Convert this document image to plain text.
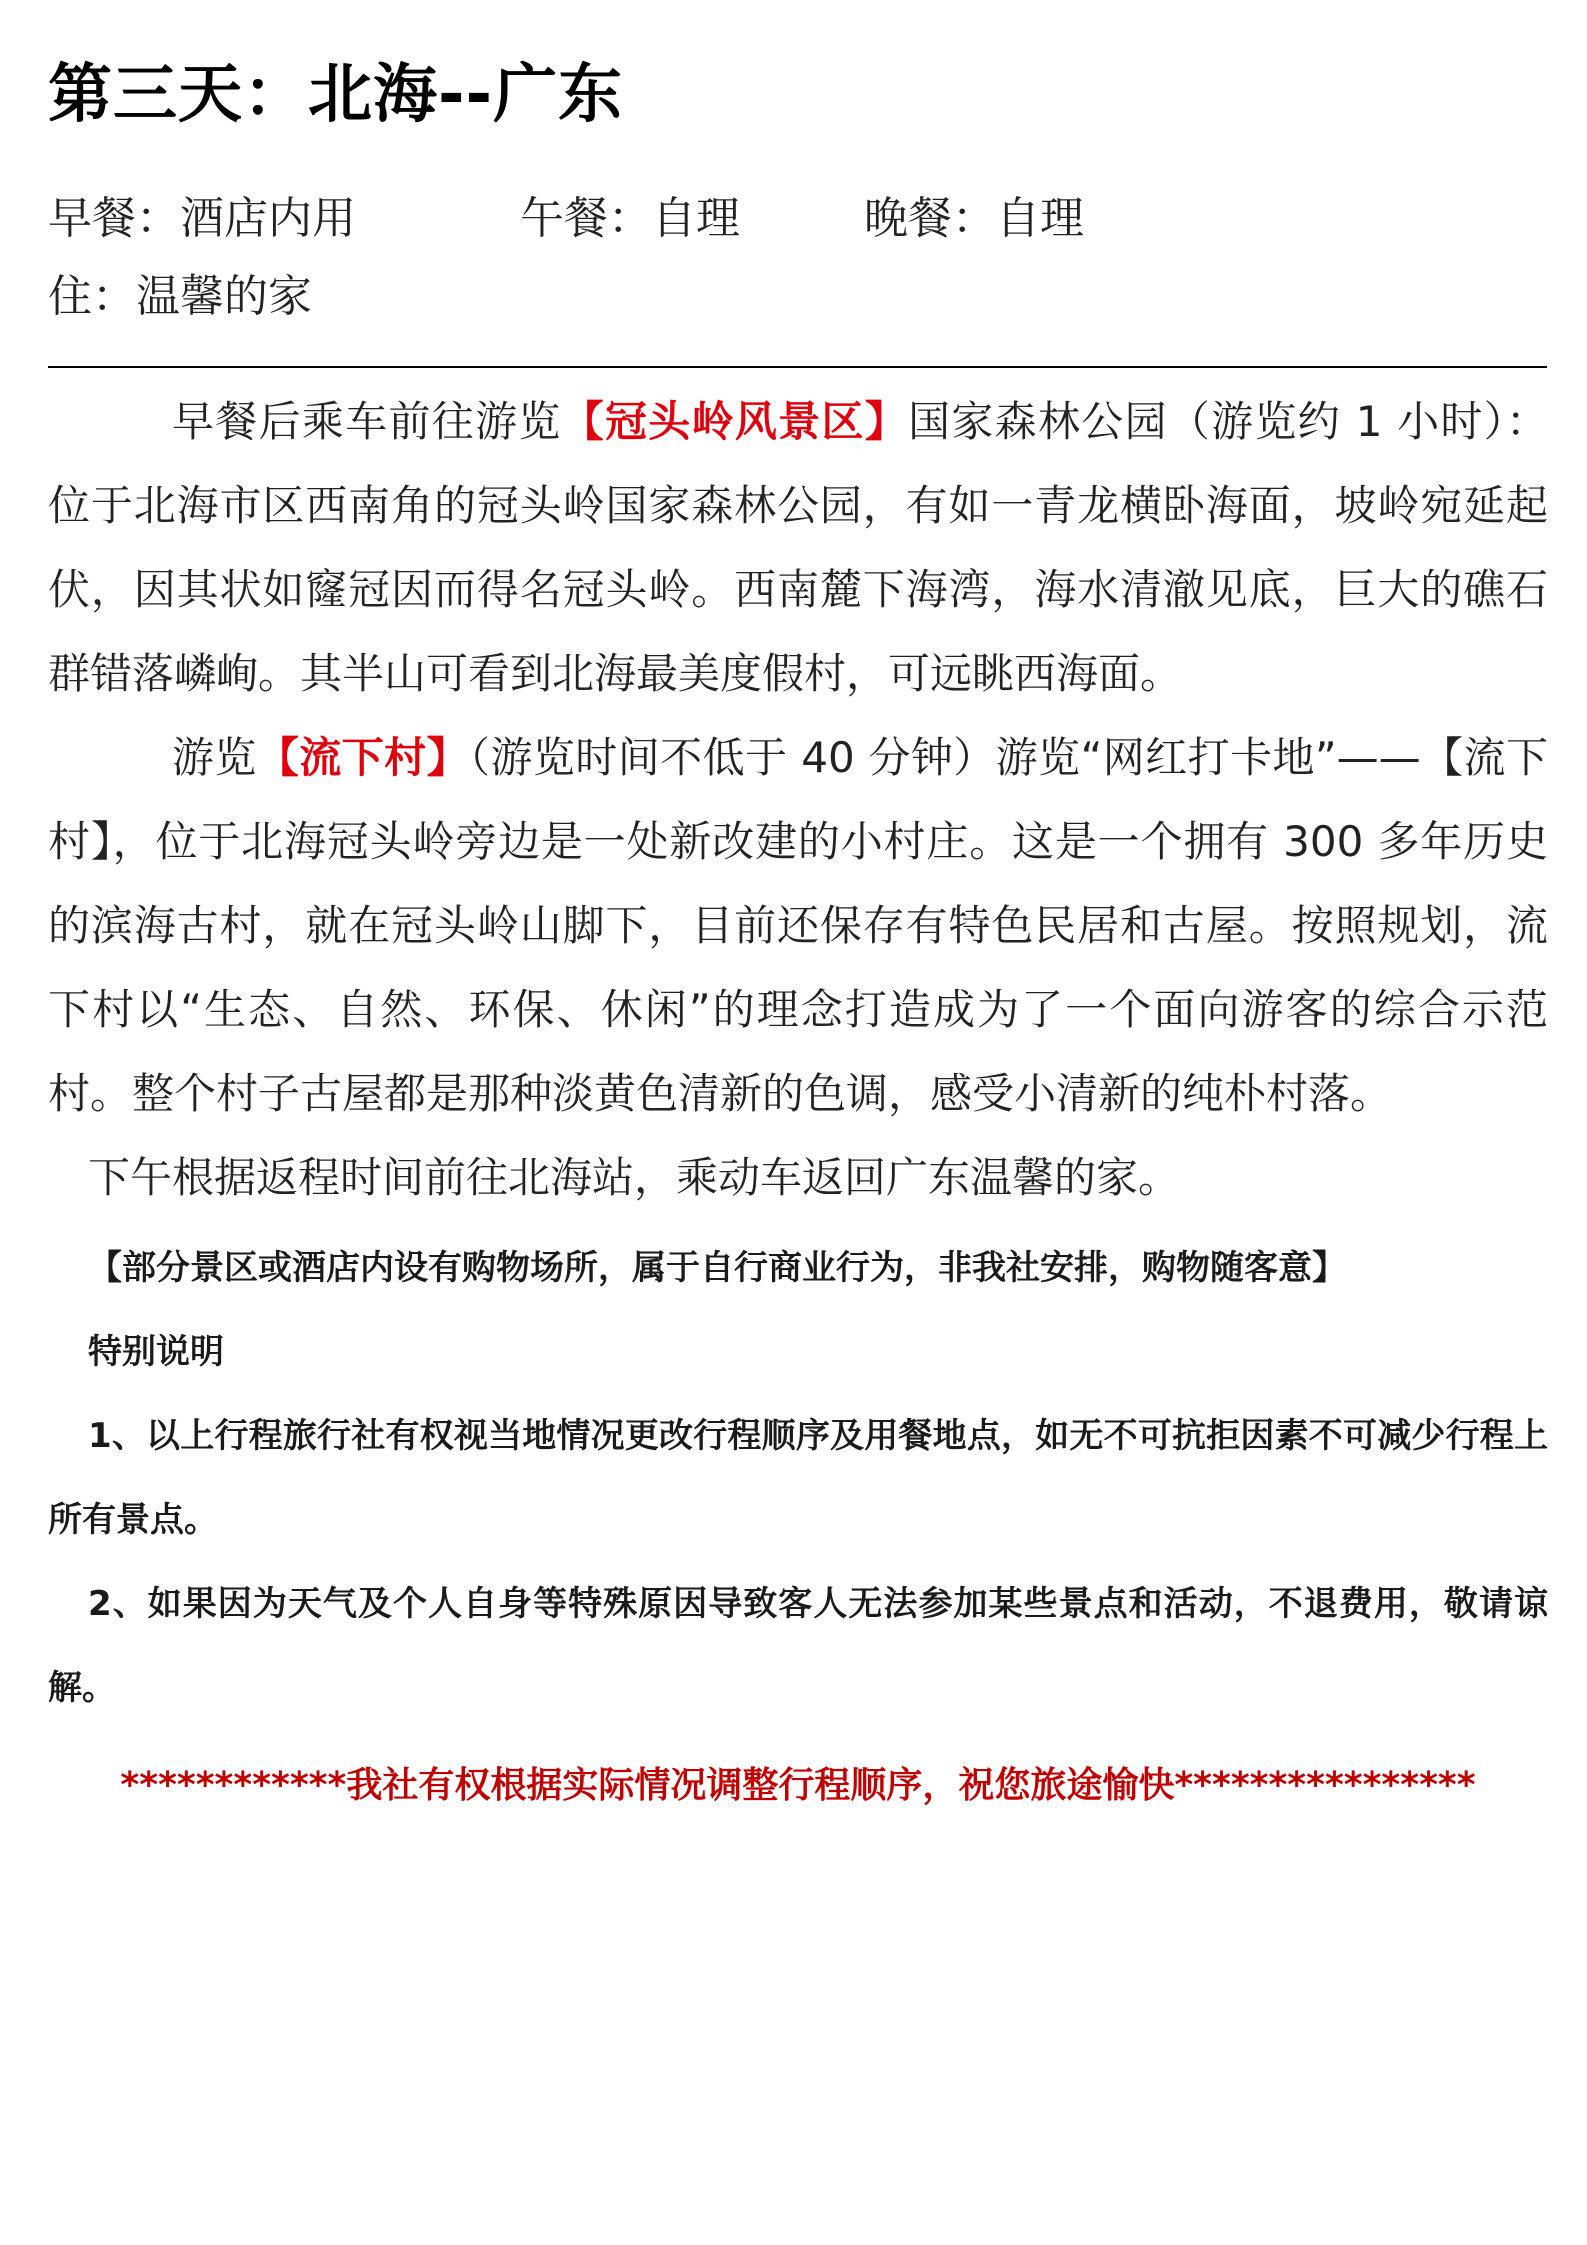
第三天：北海--广东
早餐：酒店内用	午餐：自理	晚餐：自理
住：温馨的家

早餐后乘车前往游览【冠头岭风景区】国家森林公园（游览约 1 小时）：位于北海市区西南角的冠头岭国家森林公园，有如一青龙横卧海面，坡岭宛延起伏，因其状如窿冠因而得名冠头岭。西南麓下海湾，海水清澈见底，巨大的礁石群错落嶙峋。其半山可看到北海最美度假村，可远眺西海面。

游览【流下村】（游览时间不低于 40 分钟）游览“网红打卡地”——【流下村】，位于北海冠头岭旁边是一处新改建的小村庄。这是一个拥有 300 多年历史的滨海古村，就在冠头岭山脚下，目前还保存有特色民居和古屋。按照规划，流下村以“生态、自然、环保、休闲”的理念打造成为了一个面向游客的综合示范村。整个村子古屋都是那种淡黄色清新的色调，感受小清新的纯朴村落。

下午根据返程时间前往北海站，乘动车返回广东温馨的家。

【部分景区或酒店内设有购物场所，属于自行商业行为，非我社安排，购物随客意】
特别说明
1、以上行程旅行社有权视当地情况更改行程顺序及用餐地点，如无不可抗拒因素不可减少行程上所有景点。
2、如果因为天气及个人自身等特殊原因导致客人无法参加某些景点和活动，不退费用，敬请谅解。
************我社有权根据实际情况调整行程顺序，祝您旅途愉快****************
